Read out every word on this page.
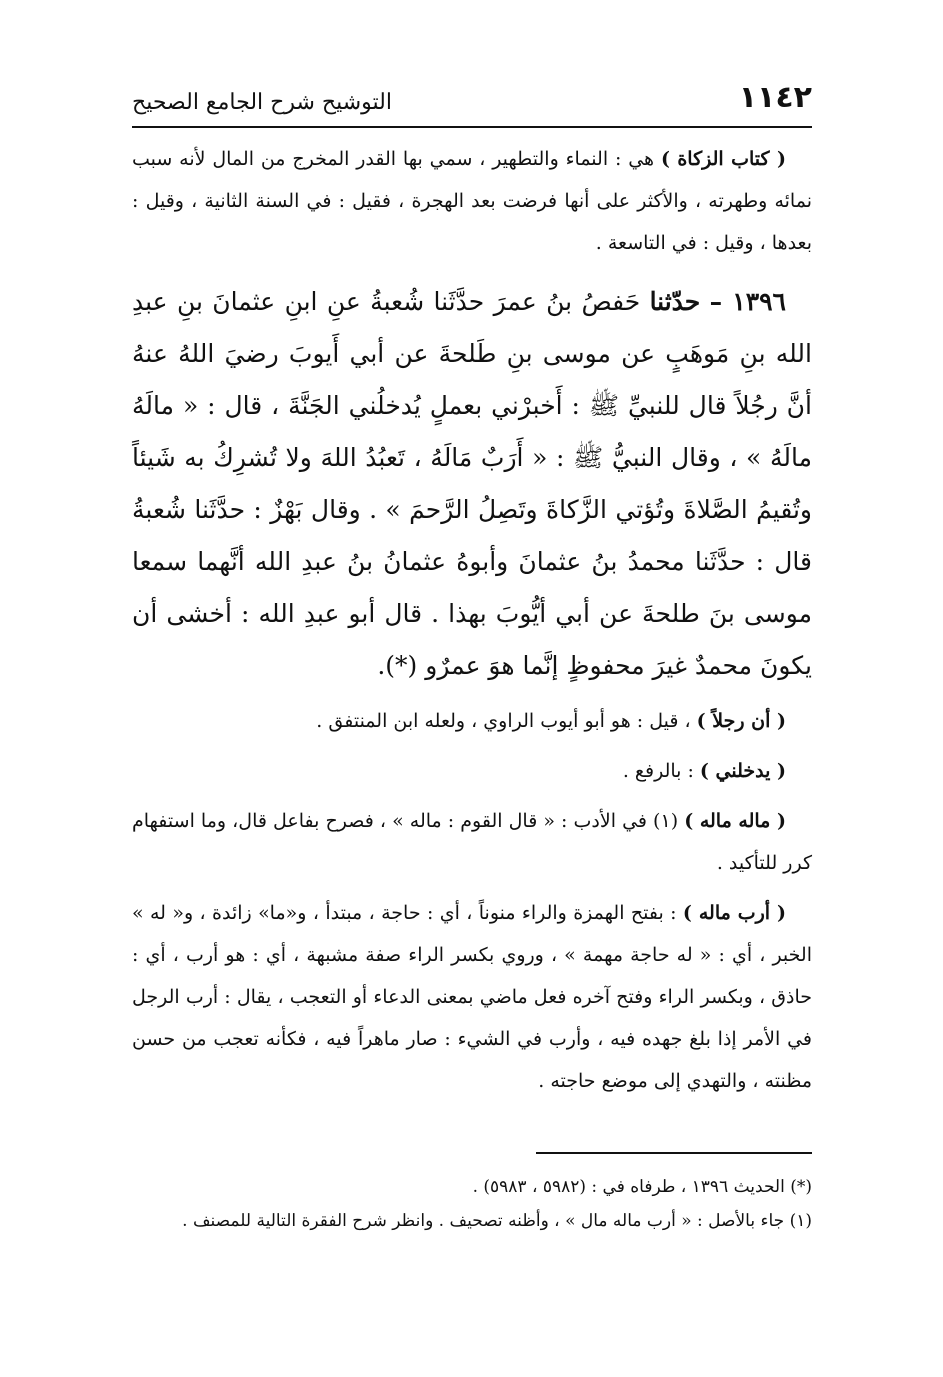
١١٤٢
التوشيح شرح الجامع الصحيح

( كتاب الزكاة ) هي : النماء والتطهير ، سمي بها القدر المخرج من المال لأنه سبب نمائه وطهرته ، والأكثر على أنها فرضت بعد الهجرة ، فقيل : في السنة الثانية ، وقيل : بعدها ، وقيل : في التاسعة .

١٣٩٦ – حدّثنا حَفصُ بنُ عمرَ حدَّثَنا شُعبةُ عنِ ابنِ عثمانَ بنِ عبدِ الله بنِ مَوهَبٍ عن موسى بنِ طَلحةَ عن أبي أَيوبَ رضيَ اللهُ عنهُ أنَّ رجُلاً قال للنبيِّ ﷺ : أَخبرْني بعملٍ يُدخلُني الجَنَّةَ ، قال : « مالَهُ مالَهُ » ، وقال النبيُّ ﷺ : « أَرَبٌ مَالَهُ ، تَعبُدُ اللهَ ولا تُشرِكُ به شَيئاً وتُقيمُ الصَّلاةَ وتُؤتي الزَّكاةَ وتَصِلُ الرَّحمَ » . وقال بَهْزٌ : حدَّثَنا شُعبةُ قال : حدَّثَنا محمدُ بنُ عثمانَ وأبوهُ عثمانُ بنُ عبدِ الله أنَّهما سمعا موسى بنَ طلحةَ عن أبي أيُّوبَ بهذا . قال أبو عبدِ الله : أخشى أن يكونَ محمدٌ غيرَ محفوظٍ إنَّما هوَ عمرٌو (*).

( أن رجلاً ) ، قيل : هو أبو أيوب الراوي ، ولعله ابن المنتفق .

( يدخلني ) : بالرفع .

( ماله ماله ) (١) في الأدب : « قال القوم : ماله » ، فصرح بفاعل قال، وما استفهام كرر للتأكيد .

( أرب ماله ) : بفتح الهمزة والراء منوناً ، أي : حاجة ، مبتدأ ، و«ما» زائدة ، و« له » الخبر ، أي : « له حاجة مهمة » ، وروي بكسر الراء صفة مشبهة ، أي : هو أرب ، أي : حاذق ، وبكسر الراء وفتح آخره فعل ماضي بمعنى الدعاء أو التعجب ، يقال : أرب الرجل في الأمر إذا بلغ جهده فيه ، وأرب في الشيء : صار ماهراً فيه ، فكأنه تعجب من حسن مظنته ، والتهدي إلى موضع حاجته .

(*) الحديث ١٣٩٦ ، طرفاه في : (٥٩٨٢ ، ٥٩٨٣) .

(١) جاء بالأصل : « أرب ماله مال » ، وأظنه تصحيف . وانظر شرح الفقرة التالية للمصنف .
